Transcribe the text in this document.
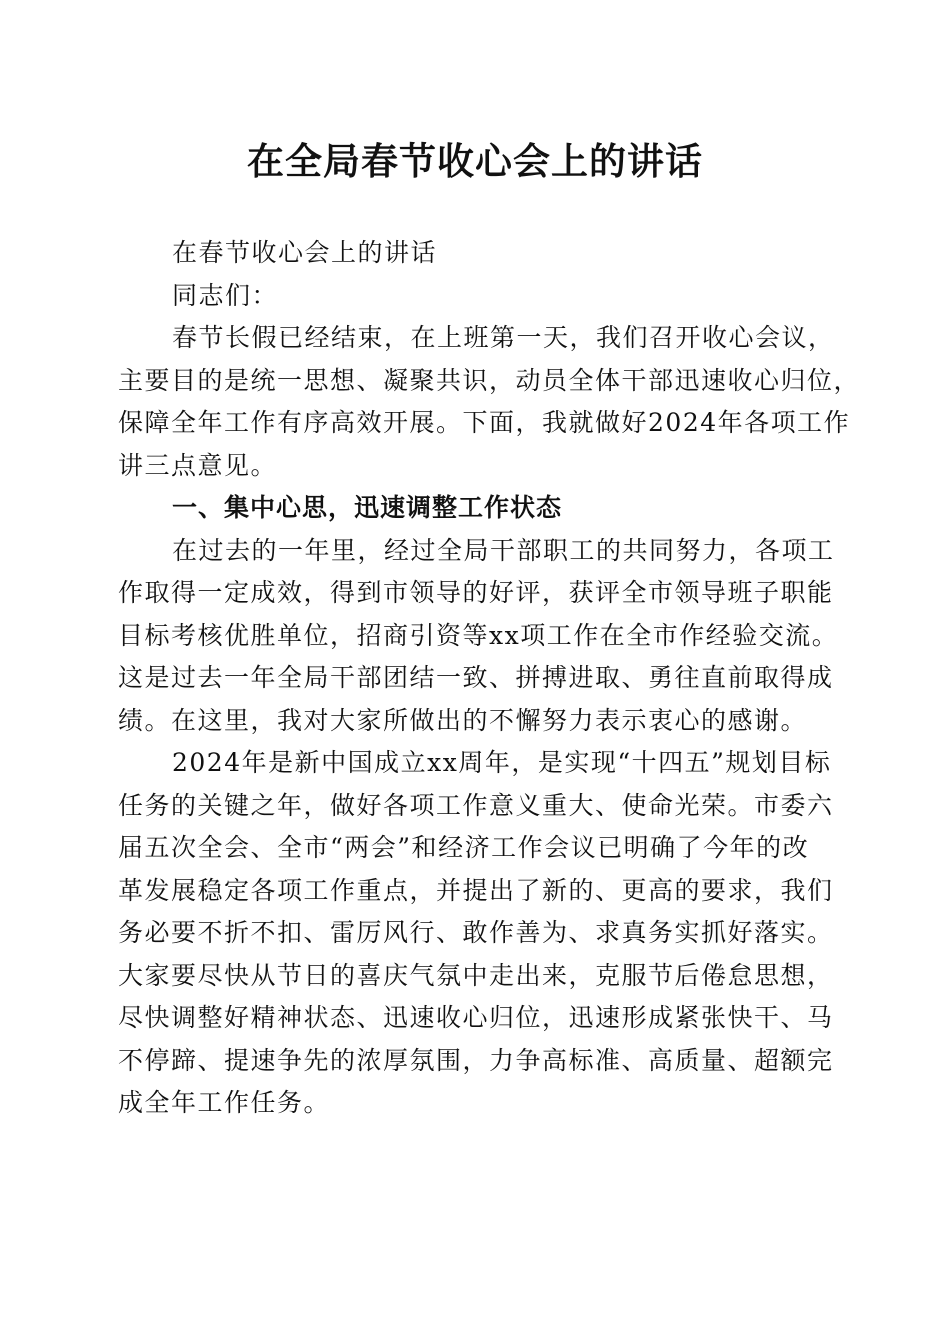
在全局春节收心会上的讲话
在春节收心会上的讲话
同志们：
春节长假已经结束，在上班第一天，我们召开收心会议，
主要目的是统一思想、凝聚共识，动员全体干部迅速收心归位，
保障全年工作有序高效开展。下面，我就做好2024年各项工作
讲三点意见。
一、集中心思，迅速调整工作状态
在过去的一年里，经过全局干部职工的共同努力，各项工
作取得一定成效，得到市领导的好评，获评全市领导班子职能
目标考核优胜单位，招商引资等xx项工作在全市作经验交流。
这是过去一年全局干部团结一致、拼搏进取、勇往直前取得成
绩。在这里，我对大家所做出的不懈努力表示衷心的感谢。
2024年是新中国成立xx周年，是实现“十四五”规划目标
任务的关键之年，做好各项工作意义重大、使命光荣。市委六
届五次全会、全市“两会”和经济工作会议已明确了今年的改
革发展稳定各项工作重点，并提出了新的、更高的要求，我们
务必要不折不扣、雷厉风行、敢作善为、求真务实抓好落实。
大家要尽快从节日的喜庆气氛中走出来，克服节后倦怠思想，
尽快调整好精神状态、迅速收心归位，迅速形成紧张快干、马
不停蹄、提速争先的浓厚氛围，力争高标准、高质量、超额完
成全年工作任务。
